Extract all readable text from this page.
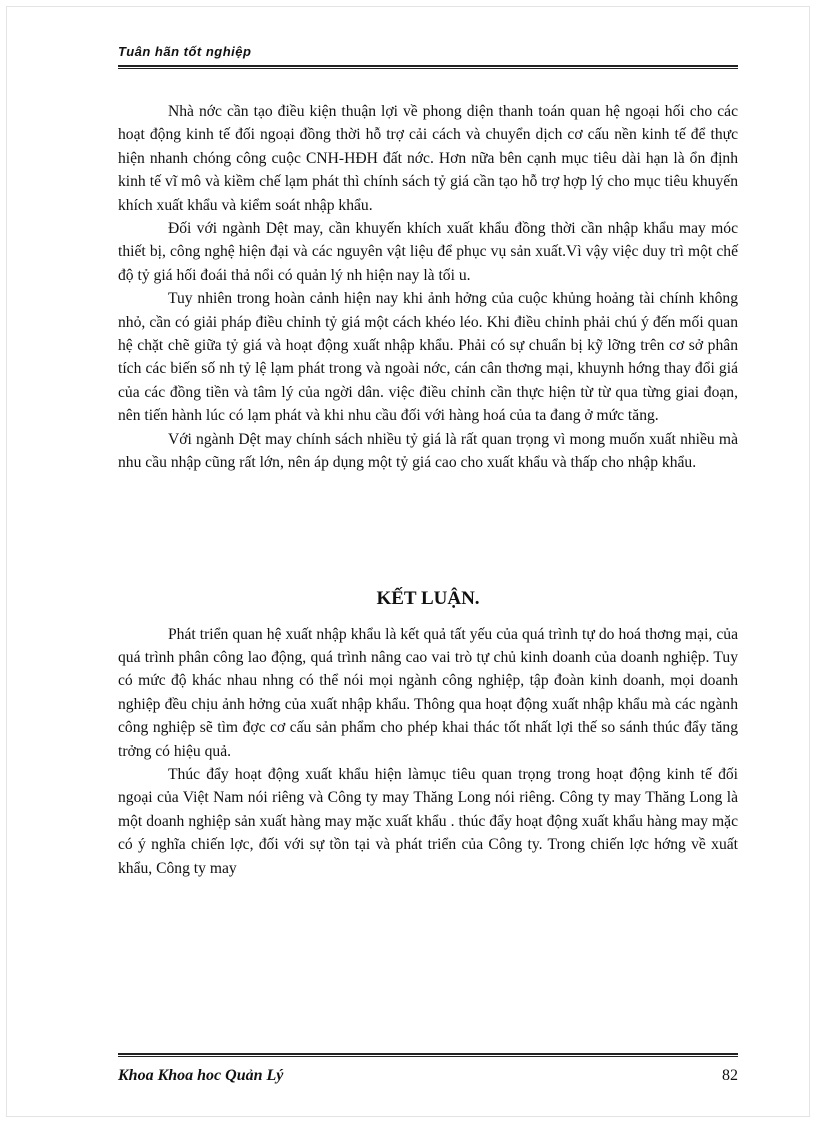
Tuân hãn tốt nghiệp

Nhà nớc cần tạo điều kiện thuận lợi về phong diện thanh toán quan hệ ngoại hối cho các hoạt động kinh tế đối ngoại đồng thời hỗ trợ cải cách và chuyển dịch cơ cấu nền kinh tế để thực hiện nhanh chóng công cuộc CNH-HĐH đất nớc. Hơn nữa bên cạnh mục tiêu dài hạn là ổn định kinh tế vĩ mô và kiềm chế lạm phát thì chính sách tỷ giá cần tạo hỗ trợ hợp lý cho mục tiêu khuyến khích xuất khẩu và kiểm soát nhập khẩu.

Đối với ngành Dệt may, cần khuyến khích xuất khẩu đồng thời cần nhập khẩu may móc thiết bị, công nghệ hiện đại và các nguyên vật liệu để phục vụ sản xuất.Vì vậy việc duy trì một chế độ tỷ giá hối đoái thả nổi có quản lý nh hiện nay là tối u.

Tuy nhiên trong hoàn cảnh hiện nay khi ảnh hởng của cuộc khủng hoảng tài chính không nhỏ, cần có giải pháp điều chỉnh tỷ giá một cách khéo léo. Khi điều chỉnh phải chú ý đến mối quan hệ chặt chẽ giữa tỷ giá và hoạt động xuất nhập khẩu. Phải có sự chuẩn bị kỹ lỡng trên cơ sở phân tích các biến số nh tỷ lệ lạm phát trong và ngoài nớc, cán cân thơng mại, khuynh hớng thay đổi giá của các đồng tiền và tâm lý của ngời dân. việc điều chỉnh cần thực hiện từ từ qua từng giai đoạn, nên tiến hành lúc có lạm phát và khi nhu cầu đối với hàng hoá của ta đang ở mức tăng.

Với ngành Dệt may chính sách nhiều tỷ giá là rất quan trọng vì mong muốn xuất nhiều mà nhu cầu nhập cũng rất lớn, nên áp dụng một tỷ giá cao cho xuất khẩu và thấp cho nhập khẩu.

KẾT LUẬN.

Phát triển quan hệ xuất nhập khẩu là kết quả tất yếu của quá trình tự do hoá thơng mại, của quá trình phân công lao động, quá trình nâng cao vai trò tự chủ kinh doanh của doanh nghiệp. Tuy có mức độ khác nhau nhng có thể nói mọi ngành công nghiệp, tập đoàn kinh doanh, mọi doanh nghiệp đều chịu ảnh hởng của xuất nhập khẩu. Thông qua hoạt động xuất nhập khẩu mà các ngành công nghiệp sẽ tìm đợc cơ cấu sản phẩm cho phép khai thác tốt nhất lợi thế so sánh thúc đẩy tăng trởng có hiệu quả.

Thúc đẩy hoạt động xuất khẩu hiện làmục tiêu quan trọng trong hoạt động kinh tế đối ngoại của Việt Nam nói riêng và Công ty may Thăng Long nói riêng. Công ty may Thăng Long là một doanh nghiệp sản xuất hàng may mặc xuất khẩu . thúc đẩy hoạt động xuất khẩu hàng may mặc có ý nghĩa chiến lợc, đối với sự tồn tại và phát triển của Công ty. Trong chiến lợc hớng về xuất khẩu, Công ty may

Khoa Khoa hoc Quản Lý	82
